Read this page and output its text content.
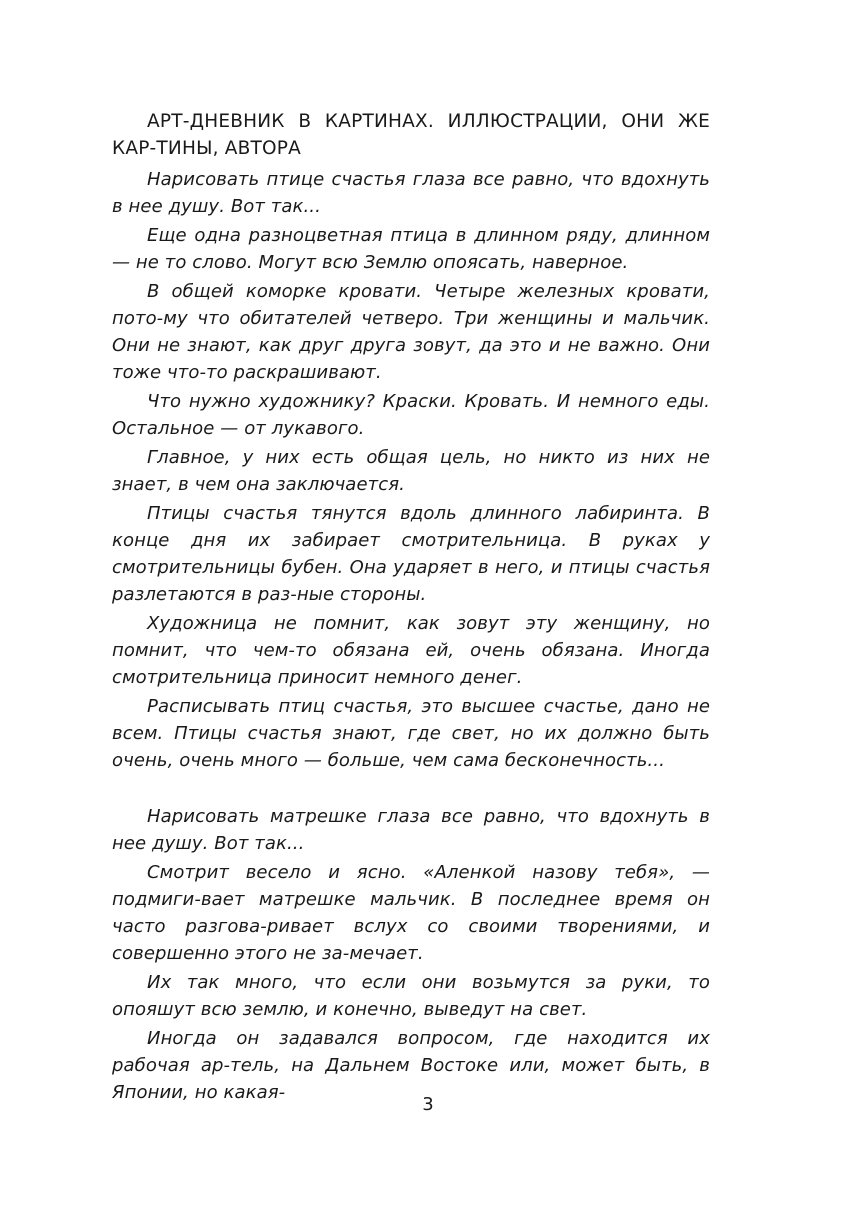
АРТ-ДНЕВНИК В КАРТИНАХ. ИЛЛЮСТРАЦИИ, ОНИ ЖЕ КАР-ТИНЫ, АВТОРА

Нарисовать птице счастья глаза все равно, что вдохнуть в нее душу. Вот так...

Еще одна разноцветная птица в длинном ряду, длинном — не то слово. Могут всю Землю опоясать, наверное.

В общей коморке кровати. Четыре железных кровати, пото-му что обитателей четверо. Три женщины и мальчик. Они не знают, как друг друга зовут, да это и не важно. Они тоже что-то раскрашивают.

Что нужно художнику? Краски. Кровать. И немного еды. Остальное — от лукавого.

Главное, у них есть общая цель, но никто из них не знает, в чем она заключается.

Птицы счастья тянутся вдоль длинного лабиринта. В конце дня их забирает смотрительница. В руках у смотрительницы бубен. Она ударяет в него, и птицы счастья разлетаются в раз-ные стороны.

Художница не помнит, как зовут эту женщину, но помнит, что чем-то обязана ей, очень обязана. Иногда смотрительница приносит немного денег.

Расписывать птиц счастья, это высшее счастье, дано не всем. Птицы счастья знают, где свет, но их должно быть очень, очень много — больше, чем сама бесконечность...

Нарисовать матрешке глаза все равно, что вдохнуть в нее душу. Вот так...

Смотрит весело и ясно. «Аленкой назову тебя», — подмиги-вает матрешке мальчик. В последнее время он часто разгова-ривает вслух со своими творениями, и совершенно этого не за-мечает.

Их так много, что если они возьмутся за руки, то опояшут всю землю, и конечно, выведут на свет.

Иногда он задавался вопросом, где находится их рабочая ар-тель, на Дальнем Востоке или, может быть, в Японии, но какая-

3
